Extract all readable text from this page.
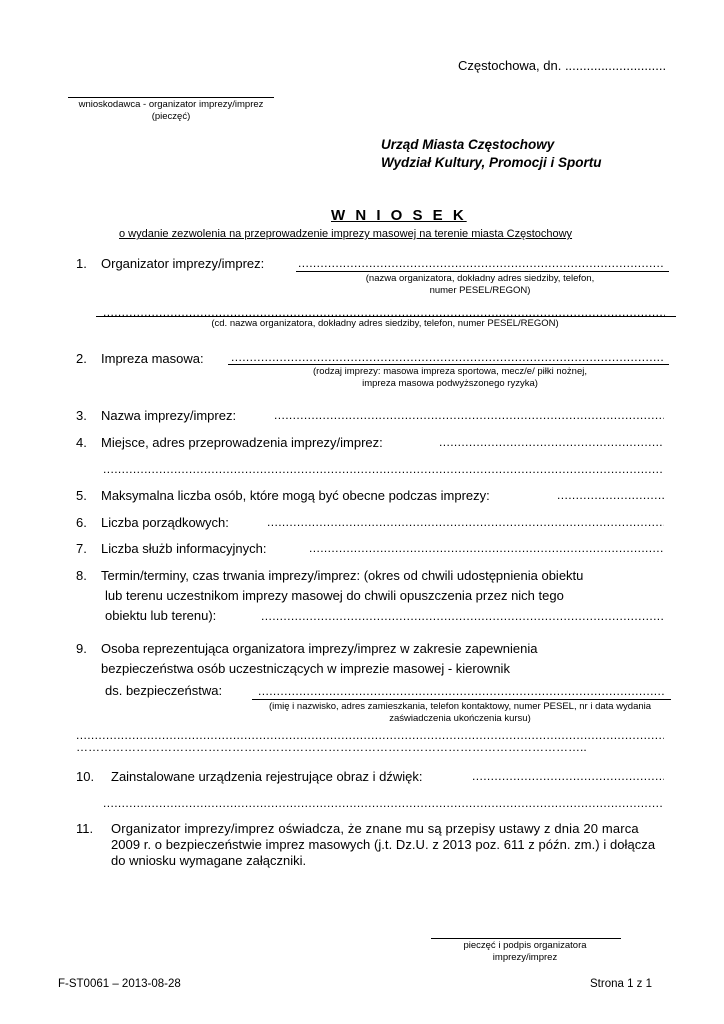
Częstochowa, dn. ............................
wnioskodawca - organizator imprezy/imprez
(pieczęć)
Urząd Miasta Częstochowy
Wydział Kultury, Promocji i Sportu
W N I O S E K
o wydanie zezwolenia na przeprowadzenie imprezy masowej na terenie miasta Częstochowy
1. Organizator imprezy/imprez:
.....
(nazwa organizatora, dokładny adres siedziby, telefon,
numer PESEL/REGON)
.....
(cd. nazwa organizatora, dokładny adres siedziby, telefon, numer PESEL/REGON)
2. Impreza masowa:
.....
(rodzaj imprezy: masowa impreza sportowa, mecz/e/ piłki nożnej,
impreza masowa podwyższonego ryzyka)
3. Nazwa imprezy/imprez:
.....
4. Miejsce, adres przeprowadzenia imprezy/imprez:
.....
.....
5. Maksymalna liczba osób, które mogą być obecne podczas imprezy:
.....
6. Liczba porządkowych:
.....
7. Liczba służb informacyjnych:
.....
8. Termin/terminy, czas trwania imprezy/imprez: (okres od chwili udostępnienia obiektu
lub terenu uczestnikom imprezy masowej do chwili opuszczenia przez nich tego
obiektu lub terenu):
.....
9. Osoba reprezentująca organizatora imprezy/imprez w zakresie zapewnienia
bezpieczeństwa osób uczestniczących w imprezie masowej - kierownik
ds. bezpieczeństwa:
.....
(imię i nazwisko, adres zamieszkania, telefon kontaktowy, numer PESEL, nr i data wydania
zaświadczenia ukończenia kursu)
.....
………………………………………………………………………………………………………………..
10. Zainstalowane urządzenia rejestrujące obraz i dźwięk:
.....
.....
11. Organizator imprezy/imprez oświadcza, że znane mu są przepisy ustawy z dnia 20 marca
2009 r. o bezpieczeństwie imprez masowych (j.t. Dz.U. z 2013 poz. 611 z późn. zm.) i dołącza
do wniosku wymagane załączniki.
pieczęć i podpis organizatora
imprezy/imprez
F-ST0061 – 2013-08-28	Strona 1 z 1
